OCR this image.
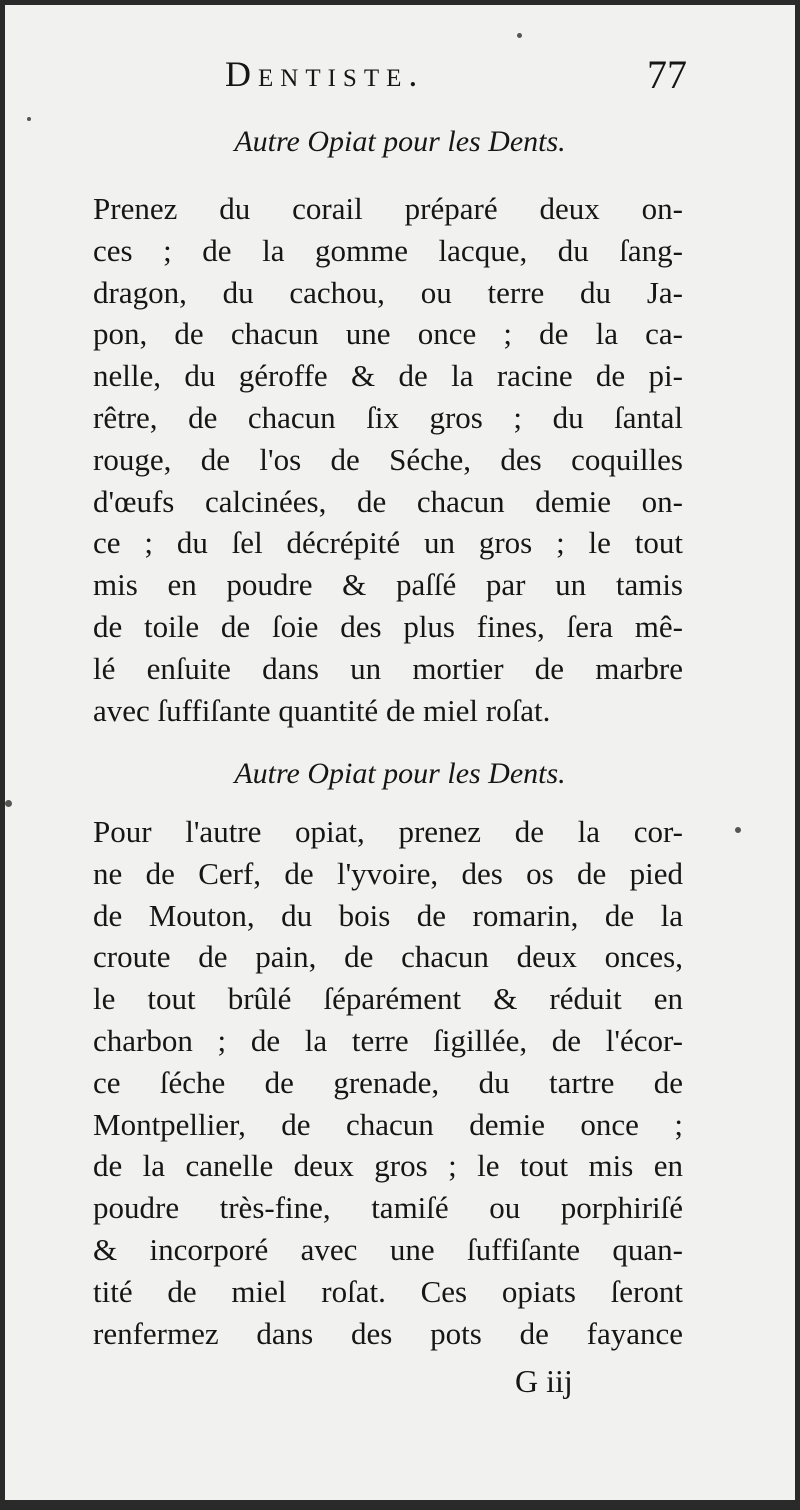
Dentiste.	77
Autre Opiat pour les Dents.
Prenez du corail préparé deux on-
ces ; de la gomme lacque, du ſang-
dragon, du cachou, ou terre du Ja-
pon, de chacun une once ; de la ca-
nelle, du géroffe & de la racine de pi-
rêtre, de chacun ſix gros ; du ſantal
rouge, de l'os de Séche, des coquilles
d'œufs calcinées, de chacun demie on-
ce ; du ſel décrépité un gros ; le tout
mis en poudre & paſſé par un tamis
de toile de ſoie des plus fines, ſera mê-
lé enſuite dans un mortier de marbre
avec ſuffiſante quantité de miel roſat.
Autre Opiat pour les Dents.
Pour l'autre opiat, prenez de la cor-
ne de Cerf, de l'yvoire, des os de pied
de Mouton, du bois de romarin, de la
croute de pain, de chacun deux onces,
le tout brûlé ſéparément & réduit en
charbon ; de la terre ſigillée, de l'écor-
ce ſéche de grenade, du tartre de
Montpellier, de chacun demie once ;
de la canelle deux gros ; le tout mis en
poudre très-fine, tamiſé ou porphiriſé
& incorporé avec une ſuffiſante quan-
tité de miel roſat. Ces opiats ſeront
renfermez dans des pots de fayance
G iij
